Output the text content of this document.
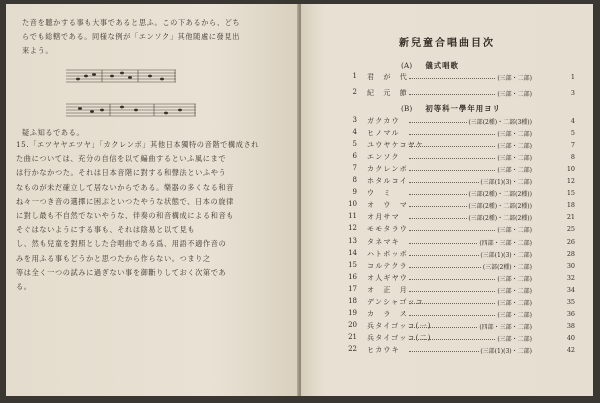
た音を聴かする事も大事であると思ふ。この下あるから、どち
らでも総轄である。同様な例が「エンソク」其他随處に發見出
來よう。
疑ふ知るである。
15.「エツヤヤエツヤ」「カクレンボ」其他日本獨特の音階で構成され
た曲については、充分の自信を以て編曲するといふ風にまで
は行かなかつた。それは日本音階に對する和聲法といふやう
なものが未だ確立して居ないからである。樂器の多くなる和音
ね々一つき音の選擇に困ぷといつたやうな状態で、日本の旋律
に對し最も不自然でないやうな、伴奏の和音構成による和音も
そぐはないようにする事も、それは陰易と以て見も
し、然も兒童を對照とした合唱曲である爲、用語不適作音の
みを用ふる事もどうかと思つたから作らない。つまり之
等は全く一つの試みに過ぎない事を御斷りしておく次第であ
る。
新兒童合唱曲目次
(A) 儀式唱歌
(B) 初等科一學年用ヨリ
1 君　が　代	(三部・二部)	1
2 紀　元　節	(三部・二部)	3
3 ガクカウ	(三部(2種)・二部(3種))	4
4 ヒノマル	(三部・二部)	5
5 ユウヤケコヤケ	(三部・二部)	7
6 エンソク	(三部・二部)	8
7 カクレンボ	(三部・二部)	10
8 ホタルコイ	(三部(1)(3)・二部)	12
9 ウ　ミ	(三部(2種)・二部(2種))	15
10 オ　ウ　マ	(三部(2種)・二部(2種))	18
11 オ月サマ	(三部(2種)・二部(2種))	21
12 モモタラウ	(三部・二部)	25
13 タネマキ	(四部・三部・二部)	26
14 ハトボッボ	(三部(1)(3)・二部)	28
15 コルテクラ	(三部(2種)・二部)	30
16 オ人ギヤウ	(三部・二部)	32
17 オ　正　月	(三部・二部)	34
18 デンシャゴッコ	(三部・二部)	35
19 カ　ラ　ス	(三部・二部)	36
20 兵タイゴッコ(一)	(四部・三部・二部)	38
21 兵タイゴッコ(二)	(三部・二部)	40
22 ヒカウキ	(三部(1)(3)・二部)	42
